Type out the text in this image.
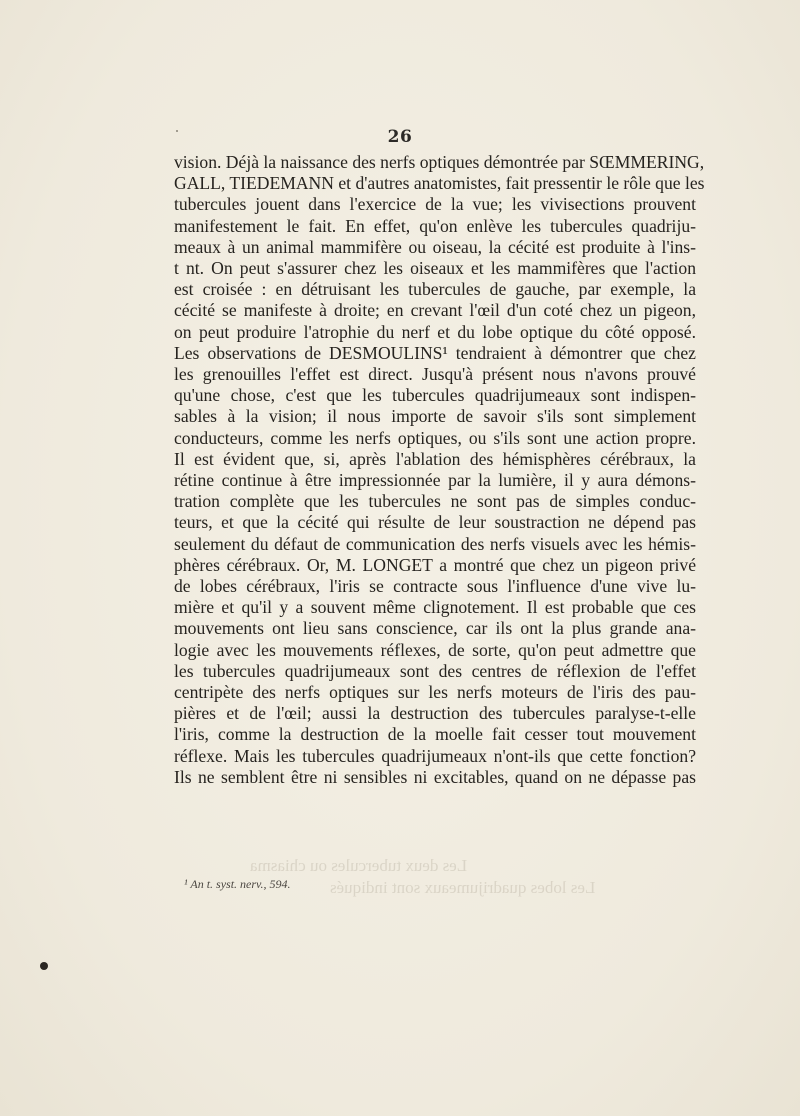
26
vision. Déjà la naissance des nerfs optiques démontrée par SŒMMERING,
GALL, TIEDEMANN et d'autres anatomistes, fait pressentir le rôle que les
tubercules jouent dans l'exercice de la vue; les vivisections prouvent
manifestement le fait. En effet, qu'on enlève les tubercules quadriju-
meaux à un animal mammifère ou oiseau, la cécité est produite à l'ins-
t nt. On peut s'assurer chez les oiseaux et les mammifères que l'action
est croisée : en détruisant les tubercules de gauche, par exemple, la
cécité se manifeste à droite; en crevant l'œil d'un coté chez un pigeon,
on peut produire l'atrophie du nerf et du lobe optique du côté opposé.
Les observations de DESMOULINS¹ tendraient à démontrer que chez
les grenouilles l'effet est direct. Jusqu'à présent nous n'avons prouvé
qu'une chose, c'est que les tubercules quadrijumeaux sont indispen-
sables à la vision; il nous importe de savoir s'ils sont simplement
conducteurs, comme les nerfs optiques, ou s'ils sont une action propre.
Il est évident que, si, après l'ablation des hémisphères cérébraux, la
rétine continue à être impressionnée par la lumière, il y aura démons-
tration complète que les tubercules ne sont pas de simples conduc-
teurs, et que la cécité qui résulte de leur soustraction ne dépend pas
seulement du défaut de communication des nerfs visuels avec les hémis-
phères cérébraux. Or, M. LONGET a montré que chez un pigeon privé
de lobes cérébraux, l'iris se contracte sous l'influence d'une vive lu-
mière et qu'il y a souvent même clignotement. Il est probable que ces
mouvements ont lieu sans conscience, car ils ont la plus grande ana-
logie avec les mouvements réflexes, de sorte, qu'on peut admettre que
les tubercules quadrijumeaux sont des centres de réflexion de l'effet
centripète des nerfs optiques sur les nerfs moteurs de l'iris des pau-
pières et de l'œil; aussi la destruction des tubercules paralyse-t-elle
l'iris, comme la destruction de la moelle fait cesser tout mouvement
réflexe. Mais les tubercules quadrijumeaux n'ont-ils que cette fonction?
Ils ne semblent être ni sensibles ni excitables, quand on ne dépasse pas
Les deux tubercules ou chiasma
Les lobes quadrijumeaux sont indiqués
¹ An t. syst. nerv., 594.
